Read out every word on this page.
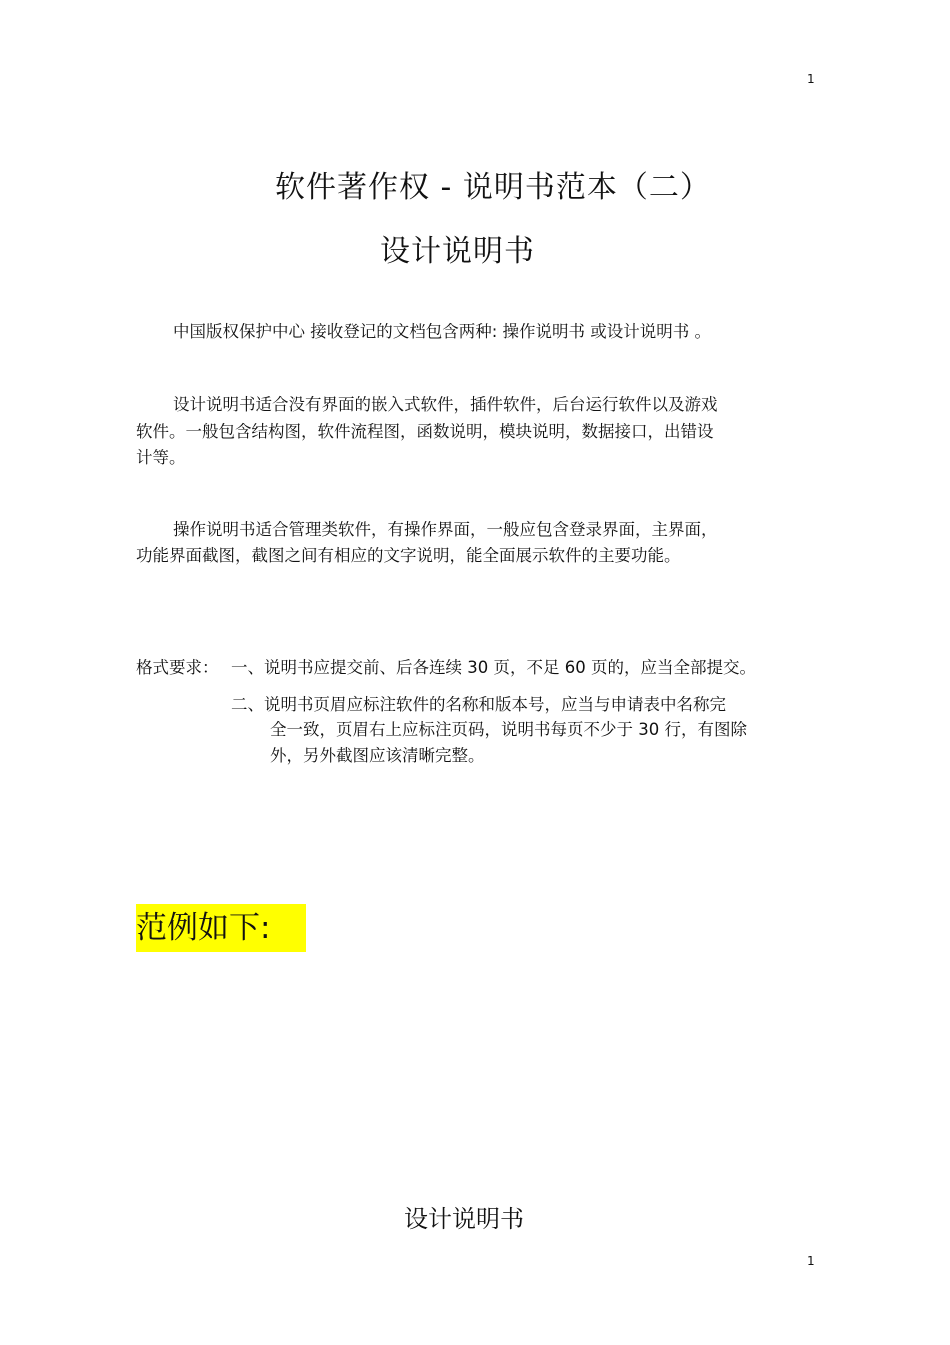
1
软件著作权 - 说明书范本（二）
设计说明书
中国版权保护中心 接收登记的文档包含两种: 操作说明书 或设计说明书 。
设计说明书适合没有界面的嵌入式软件，插件软件，后台运行软件以及游戏
软件。一般包含结构图，软件流程图，函数说明，模块说明，数据接口，出错设
计等。
操作说明书适合管理类软件，有操作界面，一般应包含登录界面，主界面，
功能界面截图，截图之间有相应的文字说明，能全面展示软件的主要功能。
格式要求： 一、说明书应提交前、后各连续 30 页，不足 60 页的，应当全部提交。
二、说明书页眉应标注软件的名称和版本号，应当与申请表中名称完
全一致，页眉右上应标注页码，说明书每页不少于 30 行，有图除
外，另外截图应该清晰完整。
范例如下:
设计说明书
1
